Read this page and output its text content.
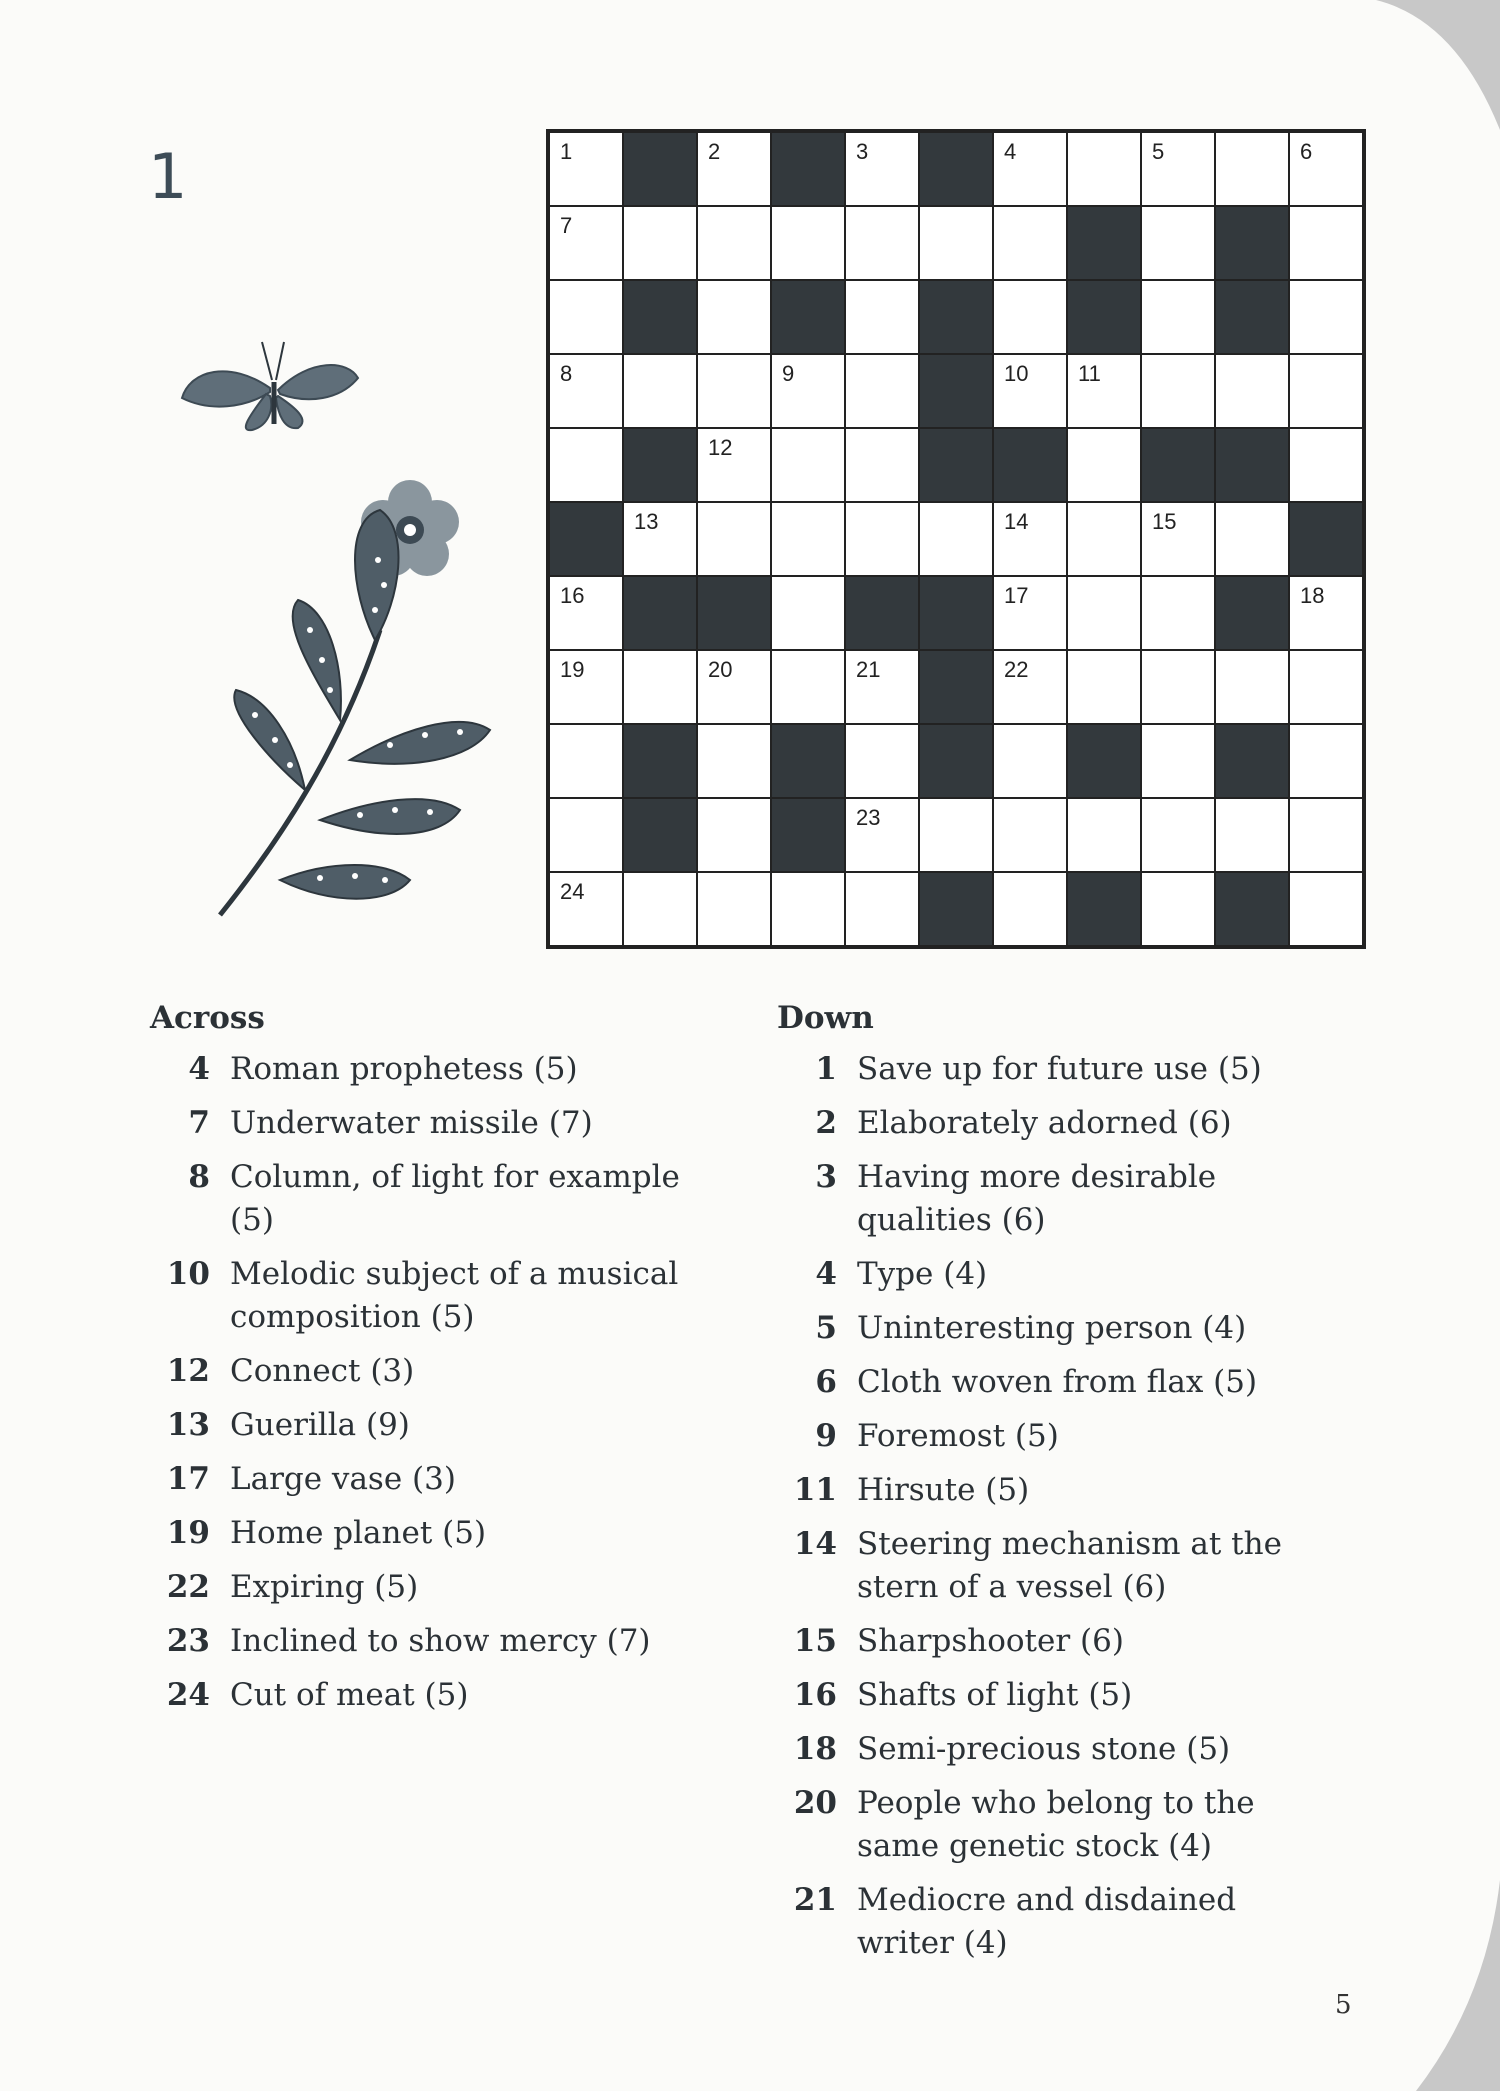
1	1	2	3	4	5	6
7
8	9	10 11
12
13	14	15
16	17	18
19	20	21	22
23
24
Across
4 Roman prophetess (5)
7 Underwater missile (7)
8 Column, of light for example (5)
10 Melodic subject of a musical composition (5)
12 Connect (3)
13 Guerilla (9)
17 Large vase (3)
19 Home planet (5)
22 Expiring (5)
23 Inclined to show mercy (7)
24 Cut of meat (5)
Down
1 Save up for future use (5)
2 Elaborately adorned (6)
3 Having more desirable qualities (6)
4 Type (4)
5 Uninteresting person (4)
6 Cloth woven from flax (5)
9 Foremost (5)
11 Hirsute (5)
14 Steering mechanism at the stern of a vessel (6)
15 Sharpshooter (6)
16 Shafts of light (5)
18 Semi-precious stone (5)
20 People who belong to the same genetic stock (4)
21 Mediocre and disdained writer (4)
5
